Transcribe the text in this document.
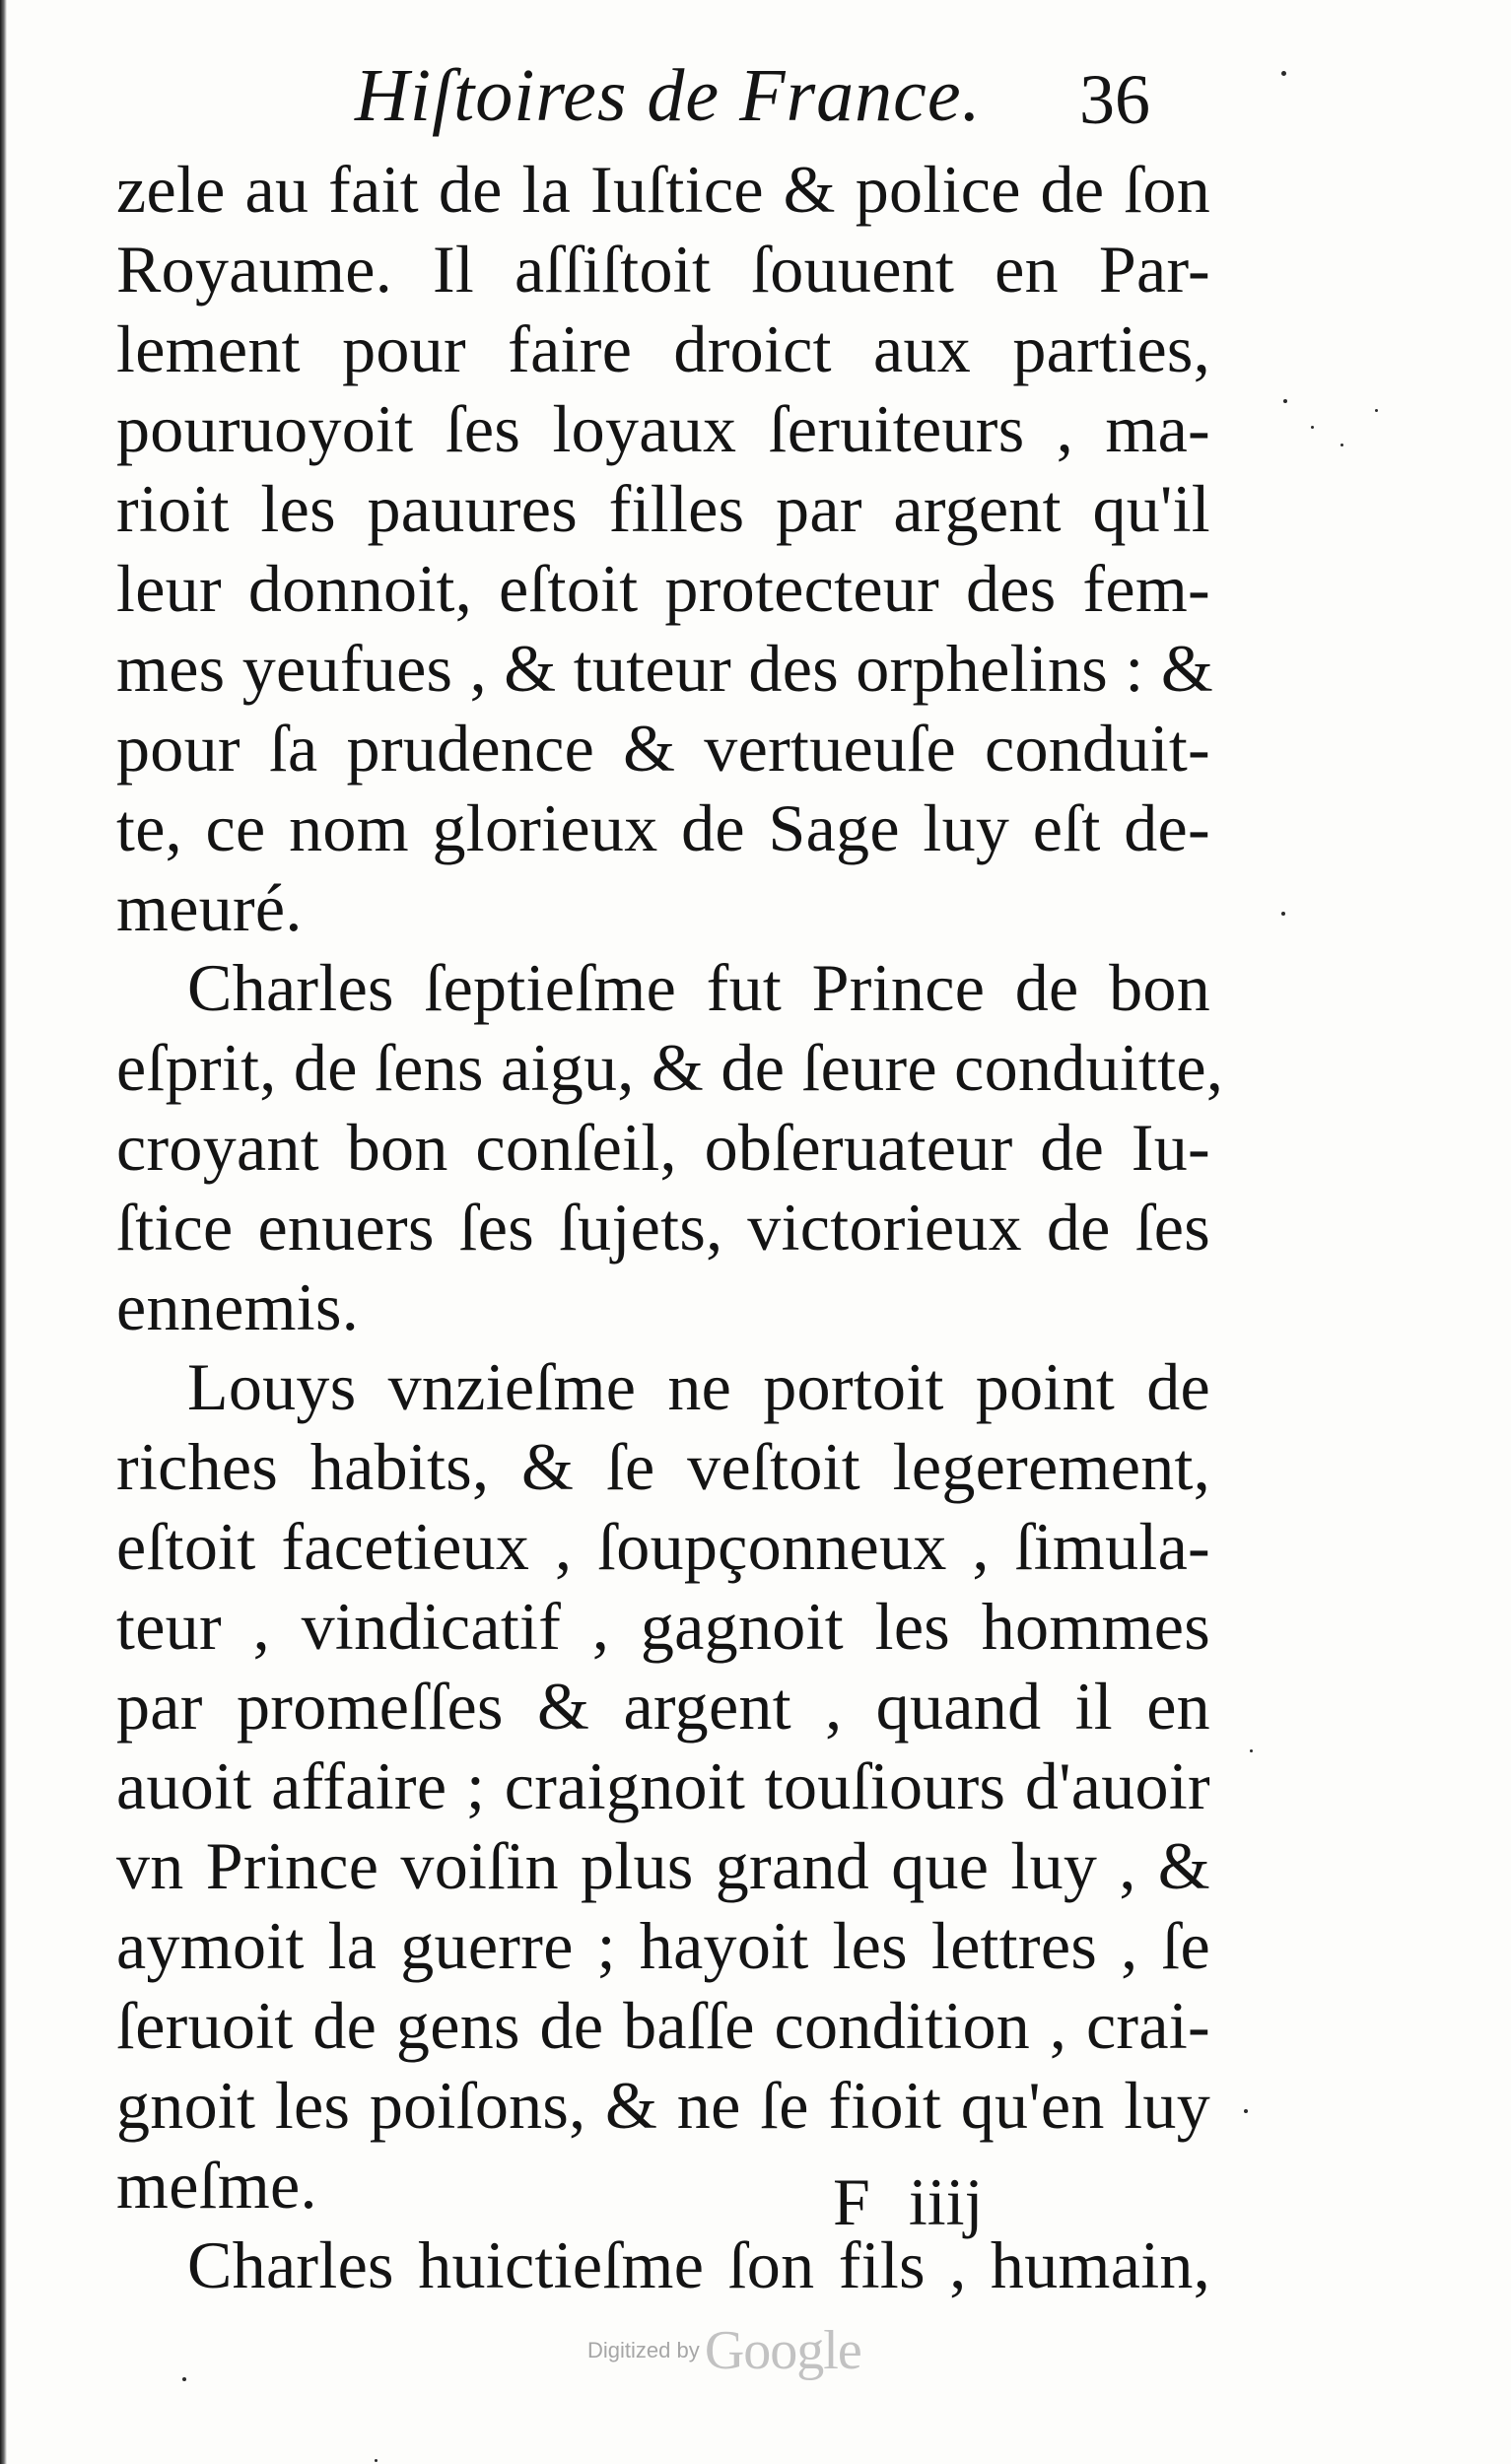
Hiſtoires de France. 36
zele au fait de la Iuſtice & police de ſon
Royaume. Il aſſiſtoit ſouuent en Par-
lement pour faire droict aux parties,
pouruoyoit ſes loyaux ſeruiteurs , ma-
rioit les pauures filles par argent qu'il
leur donnoit, eſtoit protecteur des fem-
mes yeufues , & tuteur des orphelins : &
pour ſa prudence & vertueuſe conduit-
te, ce nom glorieux de Sage luy eſt de-
meuré.
Charles ſeptieſme fut Prince de bon
eſprit, de ſens aigu, & de ſeure conduitte,
croyant bon conſeil, obſeruateur de Iu-
ſtice enuers ſes ſujets, victorieux de ſes
ennemis.
Louys vnzieſme ne portoit point de
riches habits, & ſe veſtoit legerement,
eſtoit facetieux , ſoupçonneux , ſimula-
teur , vindicatif , gagnoit les hommes
par promeſſes & argent , quand il en
auoit affaire ; craignoit touſiours d'auoir
vn Prince voiſin plus grand que luy , &
aymoit la guerre ; hayoit les lettres , ſe
ſeruoit de gens de baſſe condition , crai-
gnoit les poiſons, & ne ſe fioit qu'en luy
meſme.
Charles huictieſme ſon fils , humain,
F iiij
Digitized by Google
